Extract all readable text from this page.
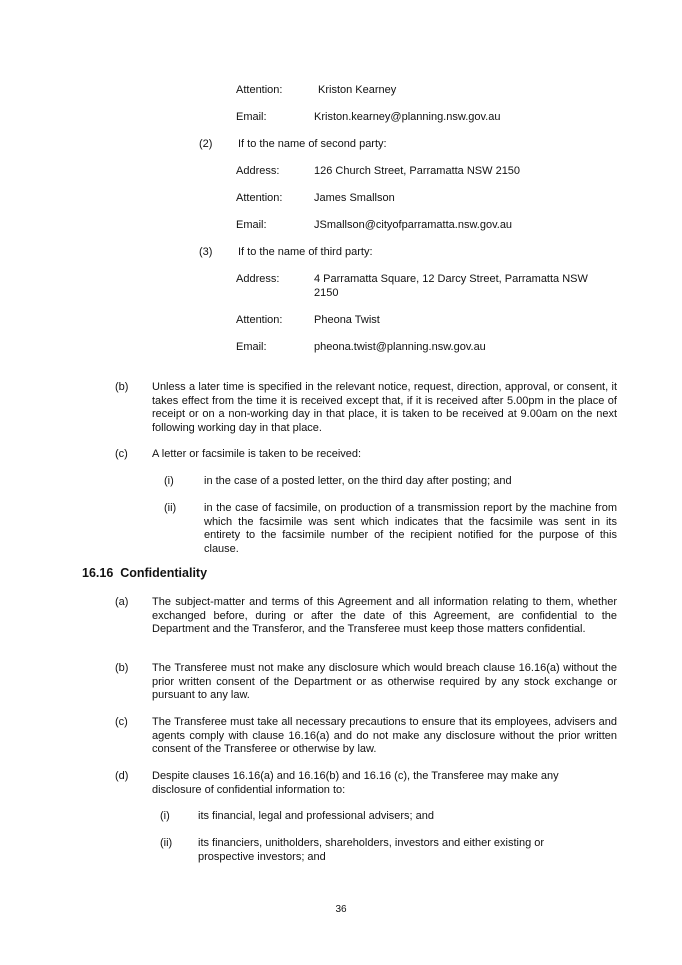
Attention:	Kriston Kearney
Email:	Kriston.kearney@planning.nsw.gov.au
(2) If to the name of second party:
Address:	126 Church Street, Parramatta NSW 2150
Attention:	James Smallson
Email:	JSmallson@cityofparramatta.nsw.gov.au
(3) If to the name of third party:
Address:	4 Parramatta Square, 12 Darcy Street, Parramatta NSW 2150
Attention:	Pheona Twist
Email:	pheona.twist@planning.nsw.gov.au
(b) Unless a later time is specified in the relevant notice, request, direction, approval, or consent, it takes effect from the time it is received except that, if it is received after 5.00pm in the place of receipt or on a non-working day in that place, it is taken to be received at 9.00am on the next following working day in that place.
(c) A letter or facsimile is taken to be received:
(i)	in the case of a posted letter, on the third day after posting; and
(ii)	in the case of facsimile, on production of a transmission report by the machine from which the facsimile was sent which indicates that the facsimile was sent in its entirety to the facsimile number of the recipient notified for the purpose of this clause.
16.16  Confidentiality
(a) The subject-matter and terms of this Agreement and all information relating to them, whether exchanged before, during or after the date of this Agreement, are confidential to the Department and the Transferor, and the Transferee must keep those matters confidential.
(b) The Transferee must not make any disclosure which would breach clause 16.16(a) without the prior written consent of the Department or as otherwise required by any stock exchange or pursuant to any law.
(c) The Transferee must take all necessary precautions to ensure that its employees, advisers and agents comply with clause 16.16(a) and do not make any disclosure without the prior written consent of the Transferee or otherwise by law.
(d) Despite clauses 16.16(a) and 16.16(b) and 16.16 (c), the Transferee may make any disclosure of confidential information to:
(i)	its financial, legal and professional advisers; and
(ii) its financiers, unitholders, shareholders, investors and either existing or prospective investors; and
36
